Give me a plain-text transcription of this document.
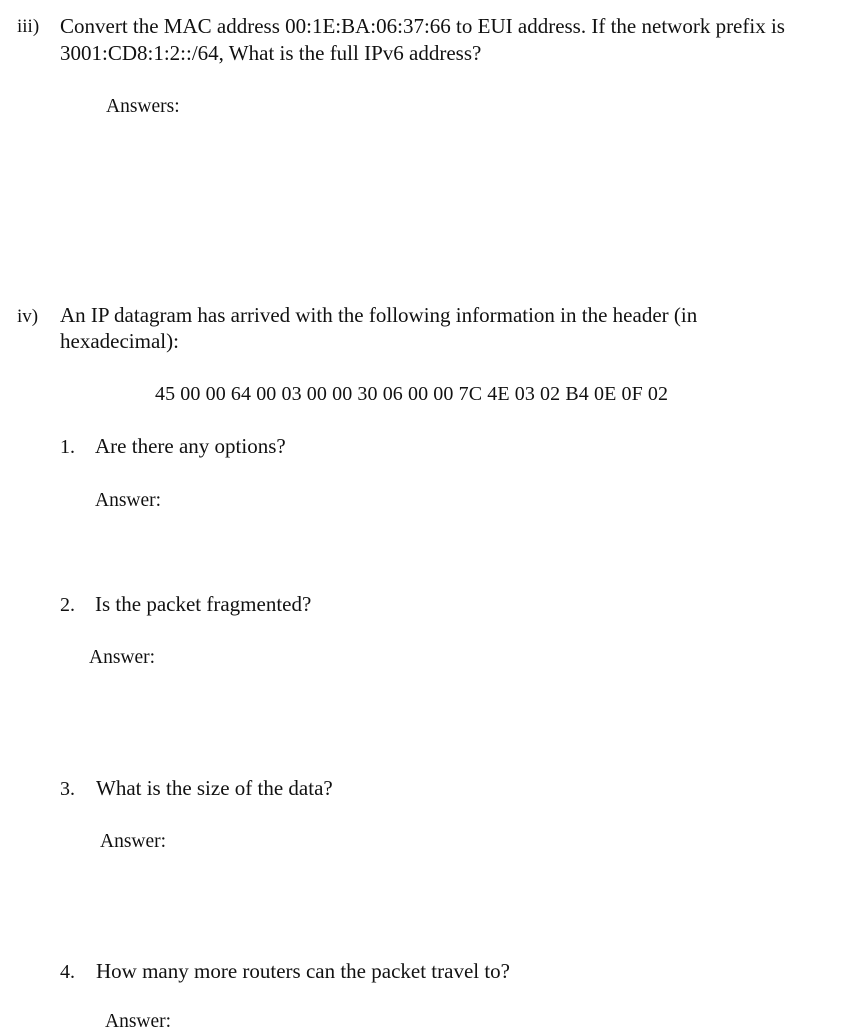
iii) Convert the MAC address 00:1E:BA:06:37:66 to EUI address. If the network prefix is
3001:CD8:1:2::/64, What is the full IPv6 address?
Answers:
iv) An IP datagram has arrived with the following information in the header (in
hexadecimal):
45 00 00 64 00 03 00 00 30 06 00 00 7C 4E 03 02 B4 0E 0F 02
1. Are there any options?
Answer:
2. Is the packet fragmented?
Answer:
3. What is the size of the data?
Answer:
4. How many more routers can the packet travel to?
Answer:
